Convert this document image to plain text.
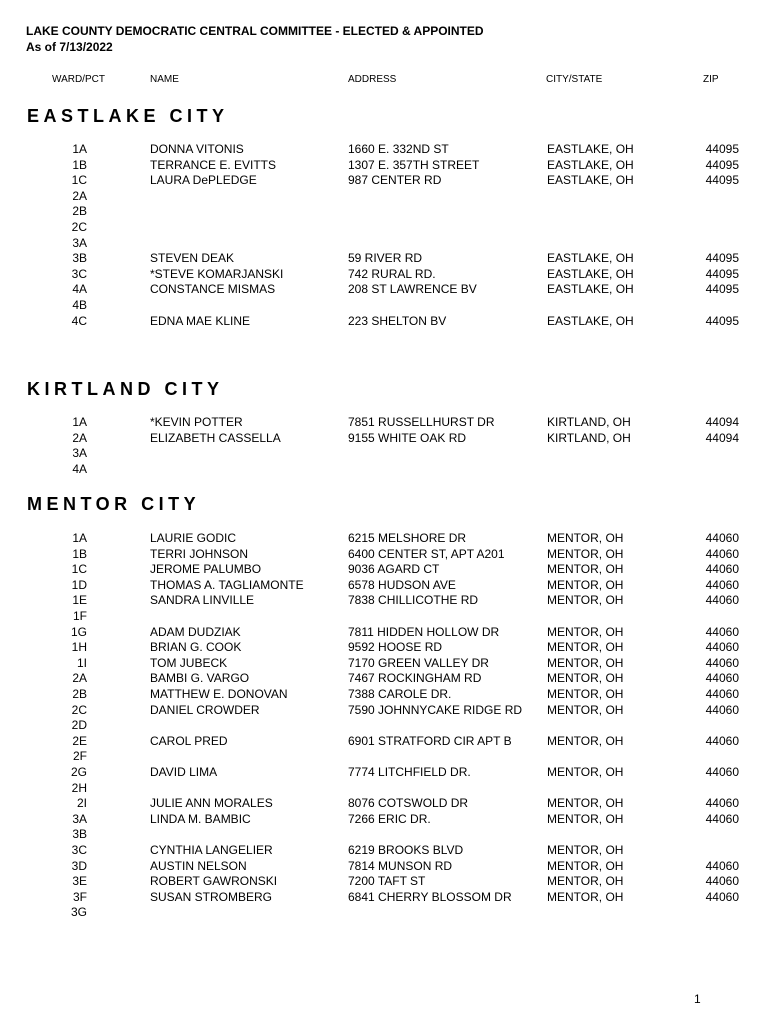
LAKE COUNTY DEMOCRATIC CENTRAL COMMITTEE - ELECTED & APPOINTED
As of 7/13/2022
WARD/PCT	NAME	ADDRESS	CITY/STATE	ZIP
EASTLAKE CITY
KIRTLAND CITY
MENTOR CITY
1A	DONNA VITONIS	1660 E. 332ND ST	EASTLAKE, OH	44095
1B	TERRANCE E. EVITTS	1307 E. 357TH STREET	EASTLAKE, OH	44095
1C	LAURA DePLEDGE	987 CENTER RD	EASTLAKE, OH	44095
2A
2B
2C
3A
3B	STEVEN DEAK	59 RIVER RD	EASTLAKE, OH	44095
3C	*STEVE KOMARJANSKI	742 RURAL RD.	EASTLAKE, OH	44095
4A	CONSTANCE MISMAS	208 ST LAWRENCE BV	EASTLAKE, OH	44095
4B
4C	EDNA MAE KLINE	223 SHELTON BV	EASTLAKE, OH	44095
1A	*KEVIN POTTER	7851 RUSSELLHURST DR	KIRTLAND, OH	44094
2A	ELIZABETH CASSELLA	9155 WHITE OAK RD	KIRTLAND, OH	44094
3A
4A
1A	LAURIE GODIC	6215 MELSHORE DR	MENTOR, OH	44060
1B	TERRI JOHNSON	6400 CENTER ST, APT A201	MENTOR, OH	44060
1C	JEROME PALUMBO	9036 AGARD CT	MENTOR, OH	44060
1D	THOMAS A. TAGLIAMONTE	6578 HUDSON AVE	MENTOR, OH	44060
1E	SANDRA LINVILLE	7838 CHILLICOTHE RD	MENTOR, OH	44060
1F
1G	ADAM DUDZIAK	7811 HIDDEN HOLLOW DR	MENTOR, OH	44060
1H	BRIAN G. COOK	9592 HOOSE RD	MENTOR, OH	44060
1I	TOM JUBECK	7170 GREEN VALLEY DR	MENTOR, OH	44060
2A	BAMBI G. VARGO	7467 ROCKINGHAM RD	MENTOR, OH	44060
2B	MATTHEW E. DONOVAN	7388 CAROLE DR.	MENTOR, OH	44060
2C	DANIEL CROWDER	7590 JOHNNYCAKE RIDGE RD MENTOR, OH	44060
2D
2E	CAROL PRED	6901 STRATFORD CIR APT B	MENTOR, OH	44060
2F
2G	DAVID LIMA	7774 LITCHFIELD DR.	MENTOR, OH	44060
2H
2I	JULIE ANN MORALES	8076 COTSWOLD DR	MENTOR, OH	44060
3A	LINDA M. BAMBIC	7266 ERIC DR.	MENTOR, OH	44060
3B
3C	CYNTHIA LANGELIER	6219 BROOKS BLVD	MENTOR, OH
3D	AUSTIN NELSON	7814 MUNSON RD	MENTOR, OH	44060
3E	ROBERT GAWRONSKI	7200 TAFT ST	MENTOR, OH	44060
3F	SUSAN STROMBERG	6841 CHERRY BLOSSOM DR	MENTOR, OH	44060
3G
1
